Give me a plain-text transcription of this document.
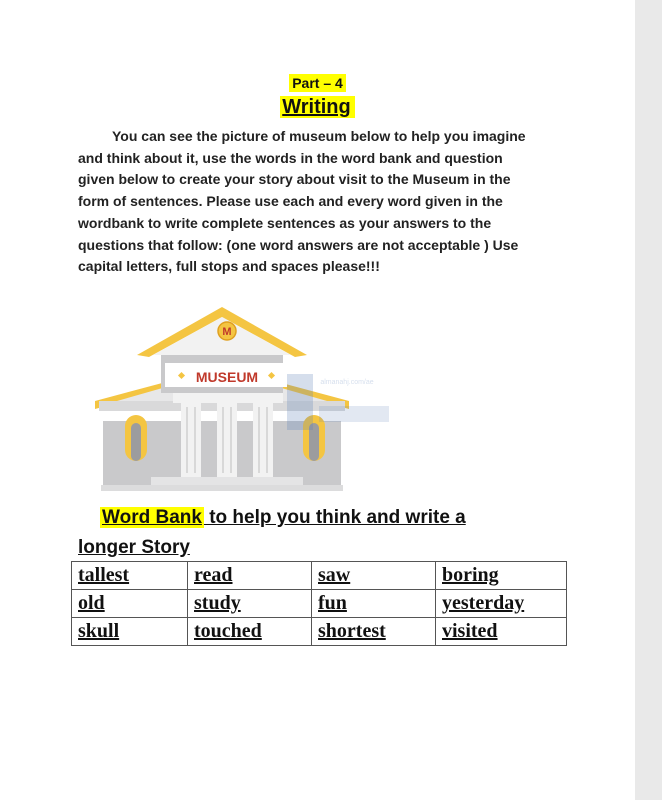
Part – 4
Writing

You can see the picture of museum below to help you imagine
and think about it, use the words in the word bank and question
given below to create your story about visit to the Museum in the
form of sentences. Please use each and every word given in the
wordbank to write complete sentences as your answers to the
questions that follow: (one word answers are not acceptable ) Use
capital letters, full stops and spaces please!!!

M
MUSEUM	almanahj.com/ae
Word Bank to help you think and write a
longer Story
tallest	read	saw	boring
old	study	fun	yesterday
skull	touched	shortest	visited
